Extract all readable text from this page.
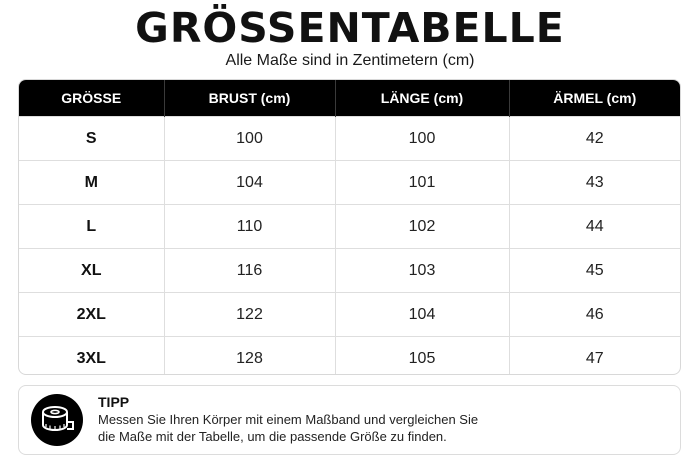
GRÖSSENTABELLE
Alle Maße sind in Zentimetern (cm)
GRÖSSE	BRUST (cm)	LÄNGE (cm)	ÄRMEL (cm)
S	100	100	42
M	104	101	43
L	110	102	44
XL	116	103	45
2XL	122	104	46
3XL	128	105	47
TIPP
Messen Sie Ihren Körper mit einem Maßband und vergleichen Sie
die Maße mit der Tabelle, um die passende Größe zu finden.
